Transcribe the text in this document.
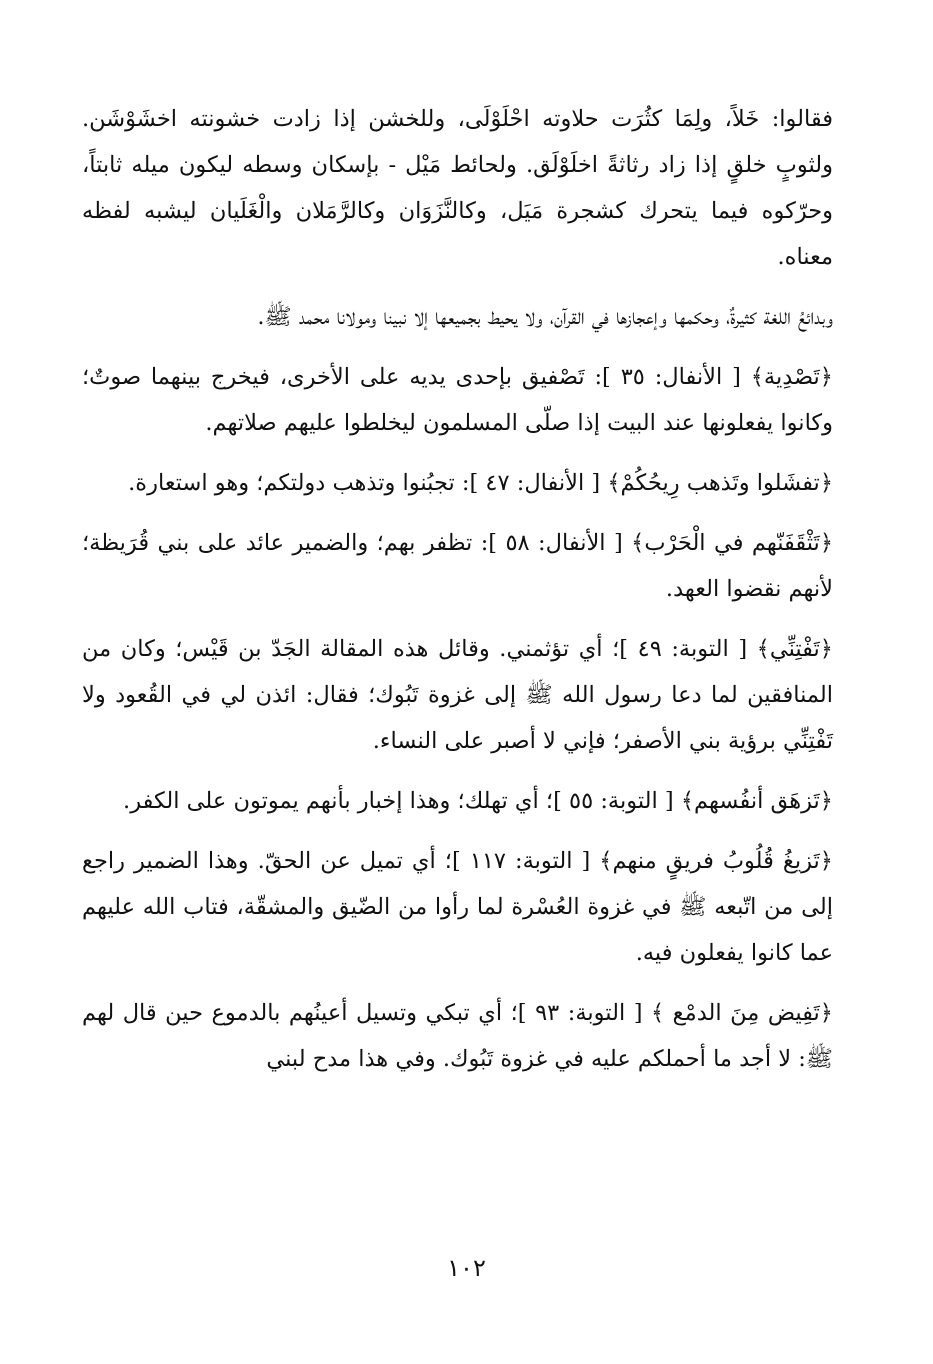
فقالوا: خَلاً، ولِمَا كثُرَت حلاوته احْلَوْلَى، وللخشن إذا زادت خشونته اخشَوْشَن. ولثوبٍ خلقٍ إذا زاد رثاثةً اخلَوْلَق. ولحائط مَيْل - بإسكان وسطه ليكون ميله ثابتاً، وحرّكوه فيما يتحرك كشجرة مَيَل، وكالنَّزَوَان وكالرَّمَلان والْغَلَيان ليشبه لفظه معناه.

وبدائعُ اللغة كثيرةٌ، وحكمها وإعجازها في القرآن، ولا يحيط بجميعها إلا نبينا ومولانا محمد ﷺ.

﴿تَصْدِية﴾ [ الأنفال: ٣٥ ]: تَصْفيق بإحدى يديه على الأخرى، فيخرج بينهما صوتٌ؛ وكانوا يفعلونها عند البيت إذا صلّى المسلمون ليخلطوا عليهم صلاتهم.

﴿تفشَلوا وتَذهب رِيحُكُمْ﴾ [ الأنفال: ٤٧ ]: تجبُنوا وتذهب دولتكم؛ وهو استعارة.

﴿تَثْقَفَنّهم في الْحَرْب﴾ [ الأنفال: ٥٨ ]: تظفر بهم؛ والضمير عائد على بني قُرَيظة؛ لأنهم نقضوا العهد.

﴿تَفْتِنِّي﴾ [ التوبة: ٤٩ ]؛ أي تؤثمني. وقائل هذه المقالة الجَدّ بن قَيْس؛ وكان من المنافقين لما دعا رسول الله ﷺ إلى غزوة تَبُوك؛ فقال: ائذن لي في القُعود ولا تَفْتِنِّي برؤية بني الأصفر؛ فإني لا أصبر على النساء.

﴿تَزهَق أنفُسهم﴾ [ التوبة: ٥٥ ]؛ أي تهلك؛ وهذا إخبار بأنهم يموتون على الكفر.

﴿تَزيغُ قُلُوبُ فريقٍ منهم﴾ [ التوبة: ١١٧ ]؛ أي تميل عن الحقّ. وهذا الضمير راجع إلى من اتّبعه ﷺ في غزوة العُسْرة لما رأوا من الضّيق والمشقّة، فتاب الله عليهم عما كانوا يفعلون فيه.

﴿تَفِيض مِنَ الدمْع ﴾ [ التوبة: ٩٣ ]؛ أي تبكي وتسيل أعينُهم بالدموع حين قال لهم ﷺ: لا أجد ما أحملكم عليه في غزوة تَبُوك. وفي هذا مدح لبني

١٠٢
